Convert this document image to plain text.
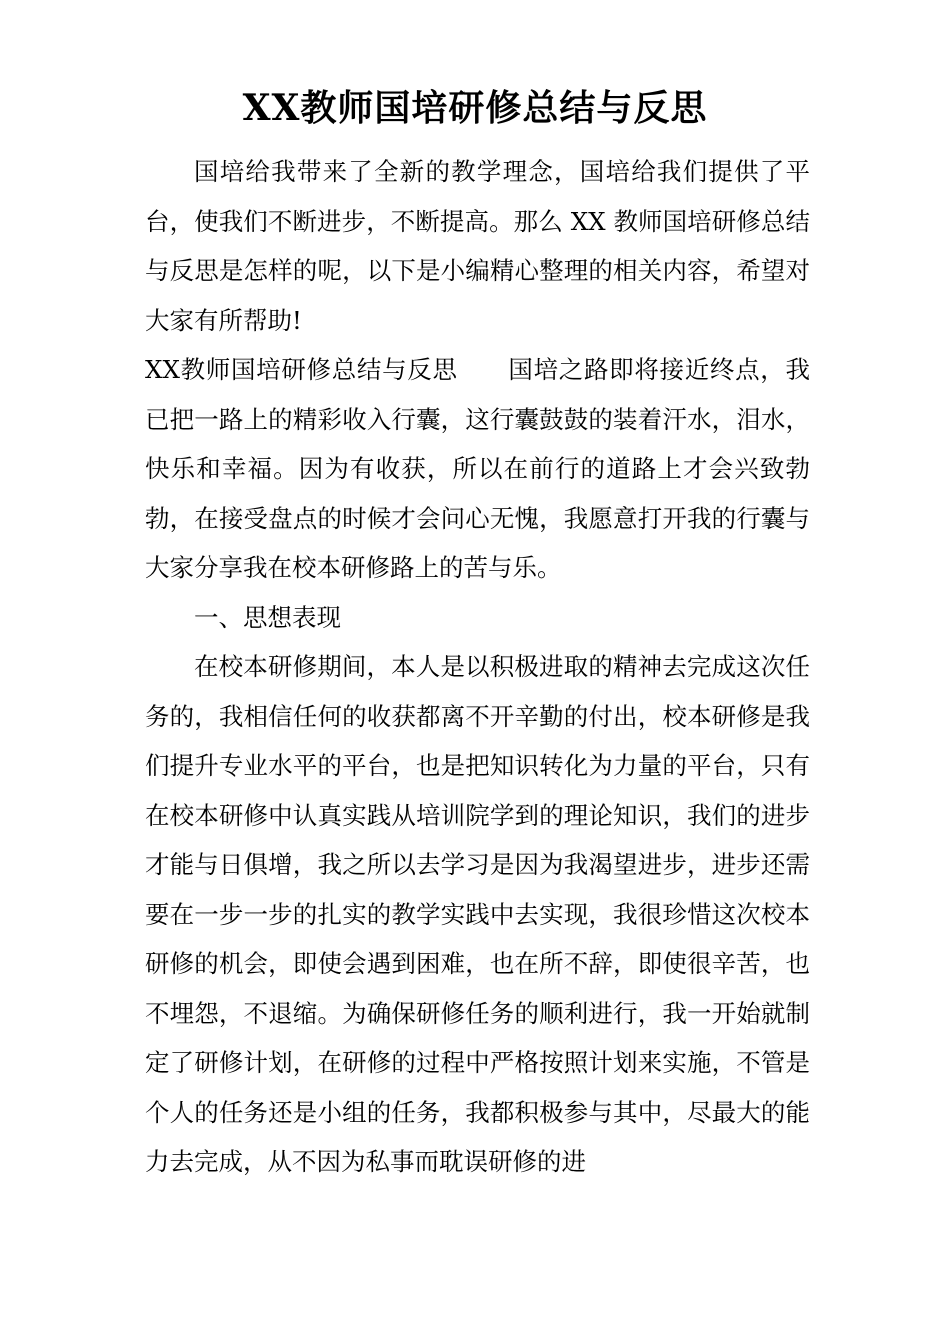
XX教师国培研修总结与反思
国培给我带来了全新的教学理念，国培给我们提供了平台，使我们不断进步，不断提高。那么 XX 教师国培研修总结与反思是怎样的呢，以下是小编精心整理的相关内容，希望对大家有所帮助!
XX教师国培研修总结与反思 国培之路即将接近终点，我已把一路上的精彩收入行囊，这行囊鼓鼓的装着汗水，泪水，快乐和幸福。因为有收获，所以在前行的道路上才会兴致勃勃，在接受盘点的时候才会问心无愧，我愿意打开我的行囊与大家分享我在校本研修路上的苦与乐。
一、思想表现
在校本研修期间，本人是以积极进取的精神去完成这次任务的，我相信任何的收获都离不开辛勤的付出，校本研修是我们提升专业水平的平台，也是把知识转化为力量的平台，只有在校本研修中认真实践从培训院学到的理论知识，我们的进步才能与日俱增，我之所以去学习是因为我渴望进步，进步还需要在一步一步的扎实的教学实践中去实现，我很珍惜这次校本研修的机会，即使会遇到困难，也在所不辞，即使很辛苦，也不埋怨，不退缩。为确保研修任务的顺利进行，我一开始就制定了研修计划，在研修的过程中严格按照计划来实施，不管是个人的任务还是小组的任务，我都积极参与其中，尽最大的能力去完成，从不因为私事而耽误研修的进
